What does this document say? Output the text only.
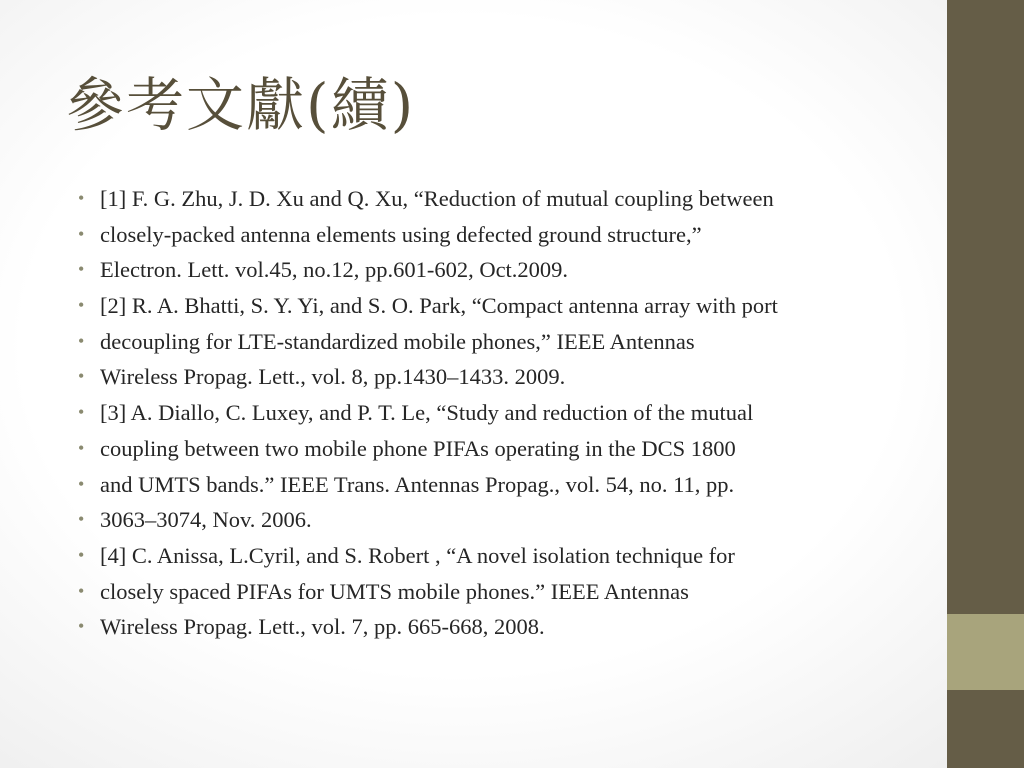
參考文獻(續)
• [1] F. G. Zhu, J. D. Xu and Q. Xu, “Reduction of mutual coupling between
• closely-packed antenna elements using defected ground structure,”
• Electron. Lett. vol.45, no.12, pp.601-602, Oct.2009.
• [2] R. A. Bhatti, S. Y. Yi, and S. O. Park, “Compact antenna array with port
• decoupling for LTE-standardized mobile phones,” IEEE Antennas
• Wireless Propag. Lett., vol. 8, pp.1430–1433. 2009.
• [3] A. Diallo, C. Luxey, and P. T. Le, “Study and reduction of the mutual
• coupling between two mobile phone PIFAs operating in the DCS 1800
• and UMTS bands.” IEEE Trans. Antennas Propag., vol. 54, no. 11, pp.
• 3063–3074, Nov. 2006.
• [4] C. Anissa, L.Cyril, and S. Robert , “A novel isolation technique for
• closely spaced PIFAs for UMTS mobile phones.” IEEE Antennas
• Wireless Propag. Lett., vol. 7, pp. 665-668, 2008.
